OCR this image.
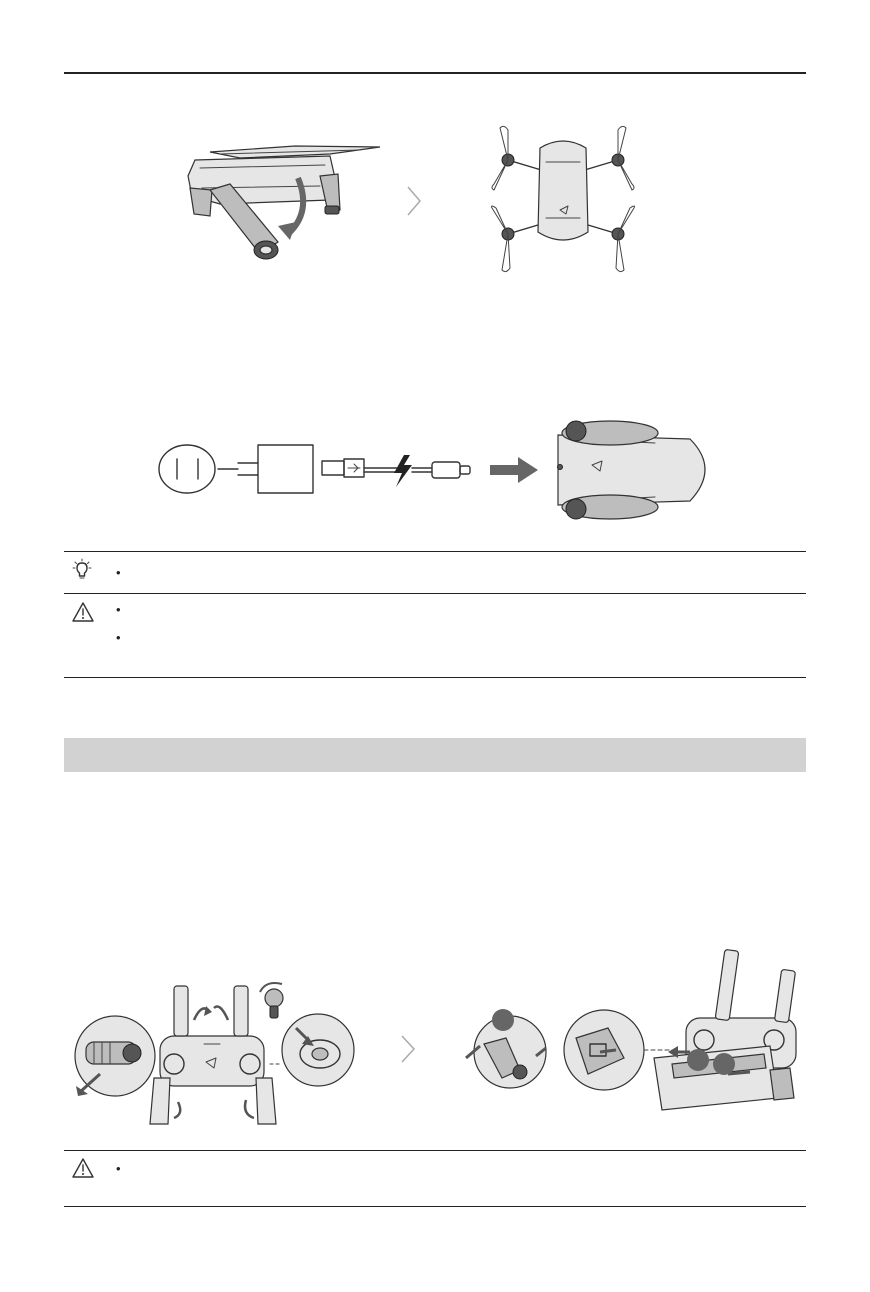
•
•
•
•
